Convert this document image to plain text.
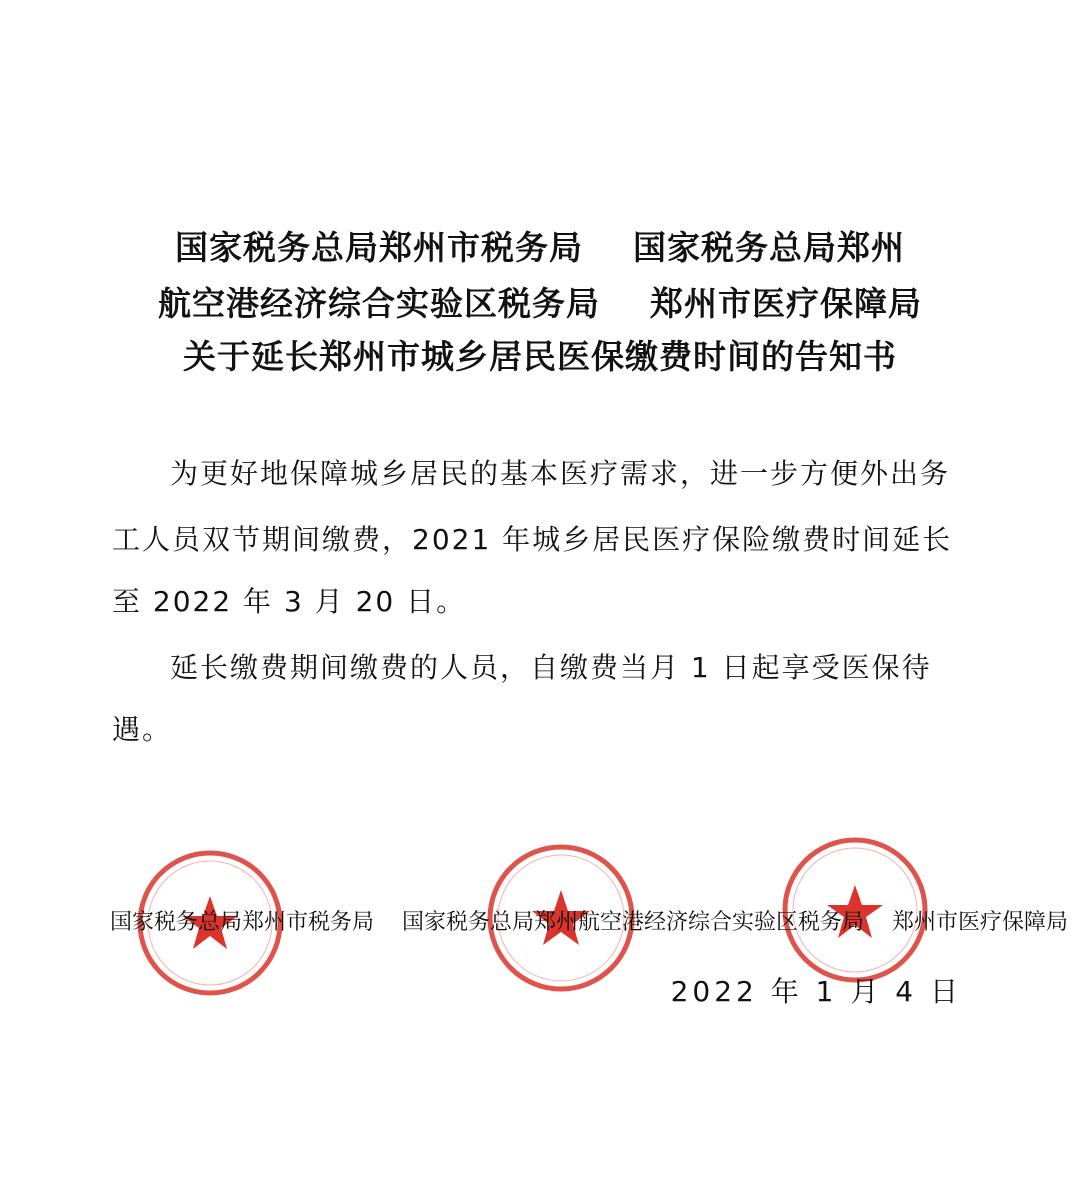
国家税务总局郑州市税务局    国家税务总局郑州
航空港经济综合实验区税务局    郑州市医疗保障局
关于延长郑州市城乡居民医保缴费时间的告知书
为更好地保障城乡居民的基本医疗需求，进一步方便外出务
工人员双节期间缴费，2021 年城乡居民医疗保险缴费时间延长
至 2022 年 3 月 20 日。
延长缴费期间缴费的人员，自缴费当月 1 日起享受医保待
遇。
国家税务总局郑州市税务局 国家税务总局郑州航空港经济综合实验区税务局 郑州市医疗保障局
2022 年 1 月 4 日
